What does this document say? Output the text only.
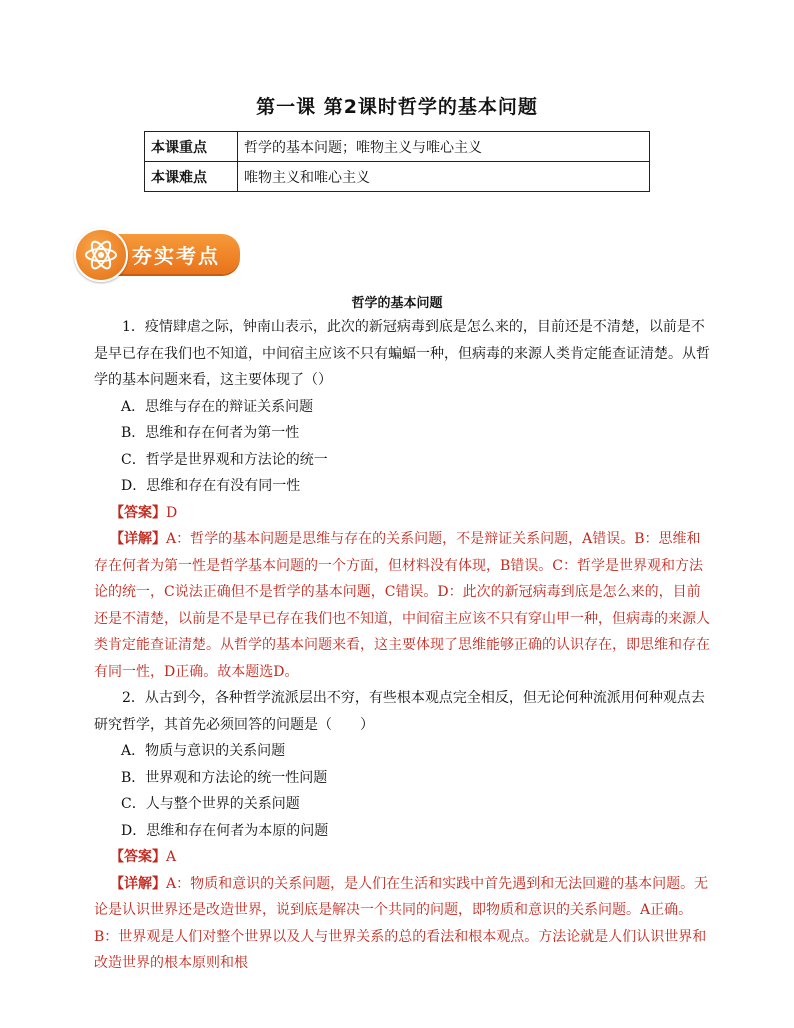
第一课 第2课时哲学的基本问题
本课重点	哲学的基本问题；唯物主义与唯心主义
本课难点	唯物主义和唯心主义
夯实考点
哲学的基本问题

1．疫情肆虐之际，钟南山表示，此次的新冠病毒到底是怎么来的，目前还是不清楚，以前是不是早已存在我们也不知道，中间宿主应该不只有蝙蝠一种，但病毒的来源人类肯定能查证清楚。从哲学的基本问题来看，这主要体现了（）

A．思维与存在的辩证关系问题

B．思维和存在何者为第一性

C．哲学是世界观和方法论的统一

D．思维和存在有没有同一性

【答案】D

【详解】A：哲学的基本问题是思维与存在的关系问题，不是辩证关系问题，A错误。B：思维和存在何者为第一性是哲学基本问题的一个方面，但材料没有体现，B错误。C：哲学是世界观和方法论的统一，C说法正确但不是哲学的基本问题，C错误。D：此次的新冠病毒到底是怎么来的，目前还是不清楚，以前是不是早已存在我们也不知道，中间宿主应该不只有穿山甲一种，但病毒的来源人类肯定能查证清楚。从哲学的基本问题来看，这主要体现了思维能够正确的认识存在，即思维和存在有同一性，D正确。故本题选D。

2．从古到今，各种哲学流派层出不穷，有些根本观点完全相反，但无论何种流派用何种观点去研究哲学，其首先必须回答的问题是（　　）

A．物质与意识的关系问题

B．世界观和方法论的统一性问题

C．人与整个世界的关系问题

D．思维和存在何者为本原的问题

【答案】A

【详解】A：物质和意识的关系问题，是人们在生活和实践中首先遇到和无法回避的基本问题。无论是认识世界还是改造世界，说到底是解决一个共同的问题，即物质和意识的关系问题。A正确。B：世界观是人们对整个世界以及人与世界关系的总的看法和根本观点。方法论就是人们认识世界和改造世界的根本原则和根
